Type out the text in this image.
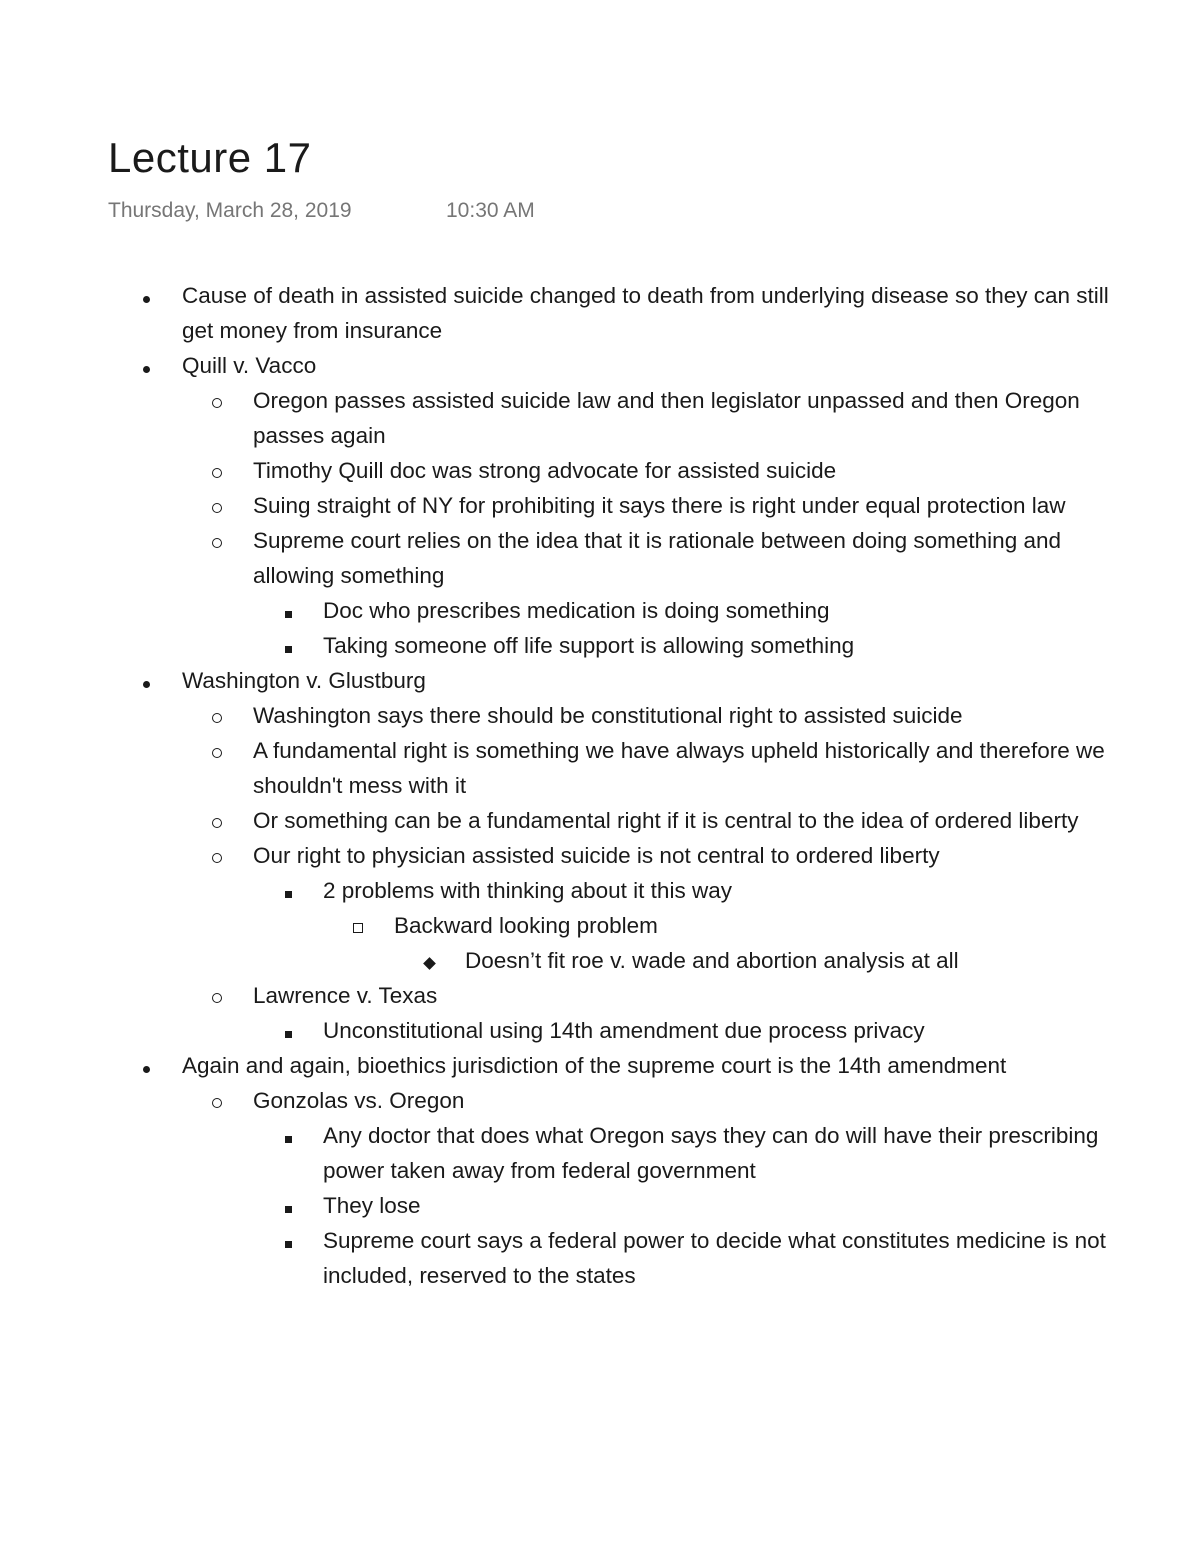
Lecture 17
Thursday, March 28, 2019	10:30 AM
Cause of death in assisted suicide changed to death from underlying disease so they can still get money from insurance
Quill v. Vacco
Oregon passes assisted suicide law and then legislator unpassed and then Oregon passes again
Timothy Quill doc was strong advocate for assisted suicide
Suing straight of NY for prohibiting it says there is right under equal protection law
Supreme court relies on the idea that it is rationale between doing something and allowing something
Doc who prescribes medication is doing something
Taking someone off life support is allowing something
Washington v. Glustburg
Washington says there should be constitutional right to assisted suicide
A fundamental right is something we have always upheld historically and therefore we shouldn't mess with it
Or something can be a fundamental right if it is central to the idea of ordered liberty
Our right to physician assisted suicide is not central to ordered liberty
2 problems with thinking about it this way
Backward looking problem
Doesn’t fit roe v. wade and abortion analysis at all
Lawrence v. Texas
Unconstitutional using 14th amendment due process privacy
Again and again, bioethics jurisdiction of the supreme court is the 14th amendment
Gonzolas vs. Oregon
Any doctor that does what Oregon says they can do will have their prescribing power taken away from federal government
They lose
Supreme court says a federal power to decide what constitutes medicine is not included, reserved to the states
